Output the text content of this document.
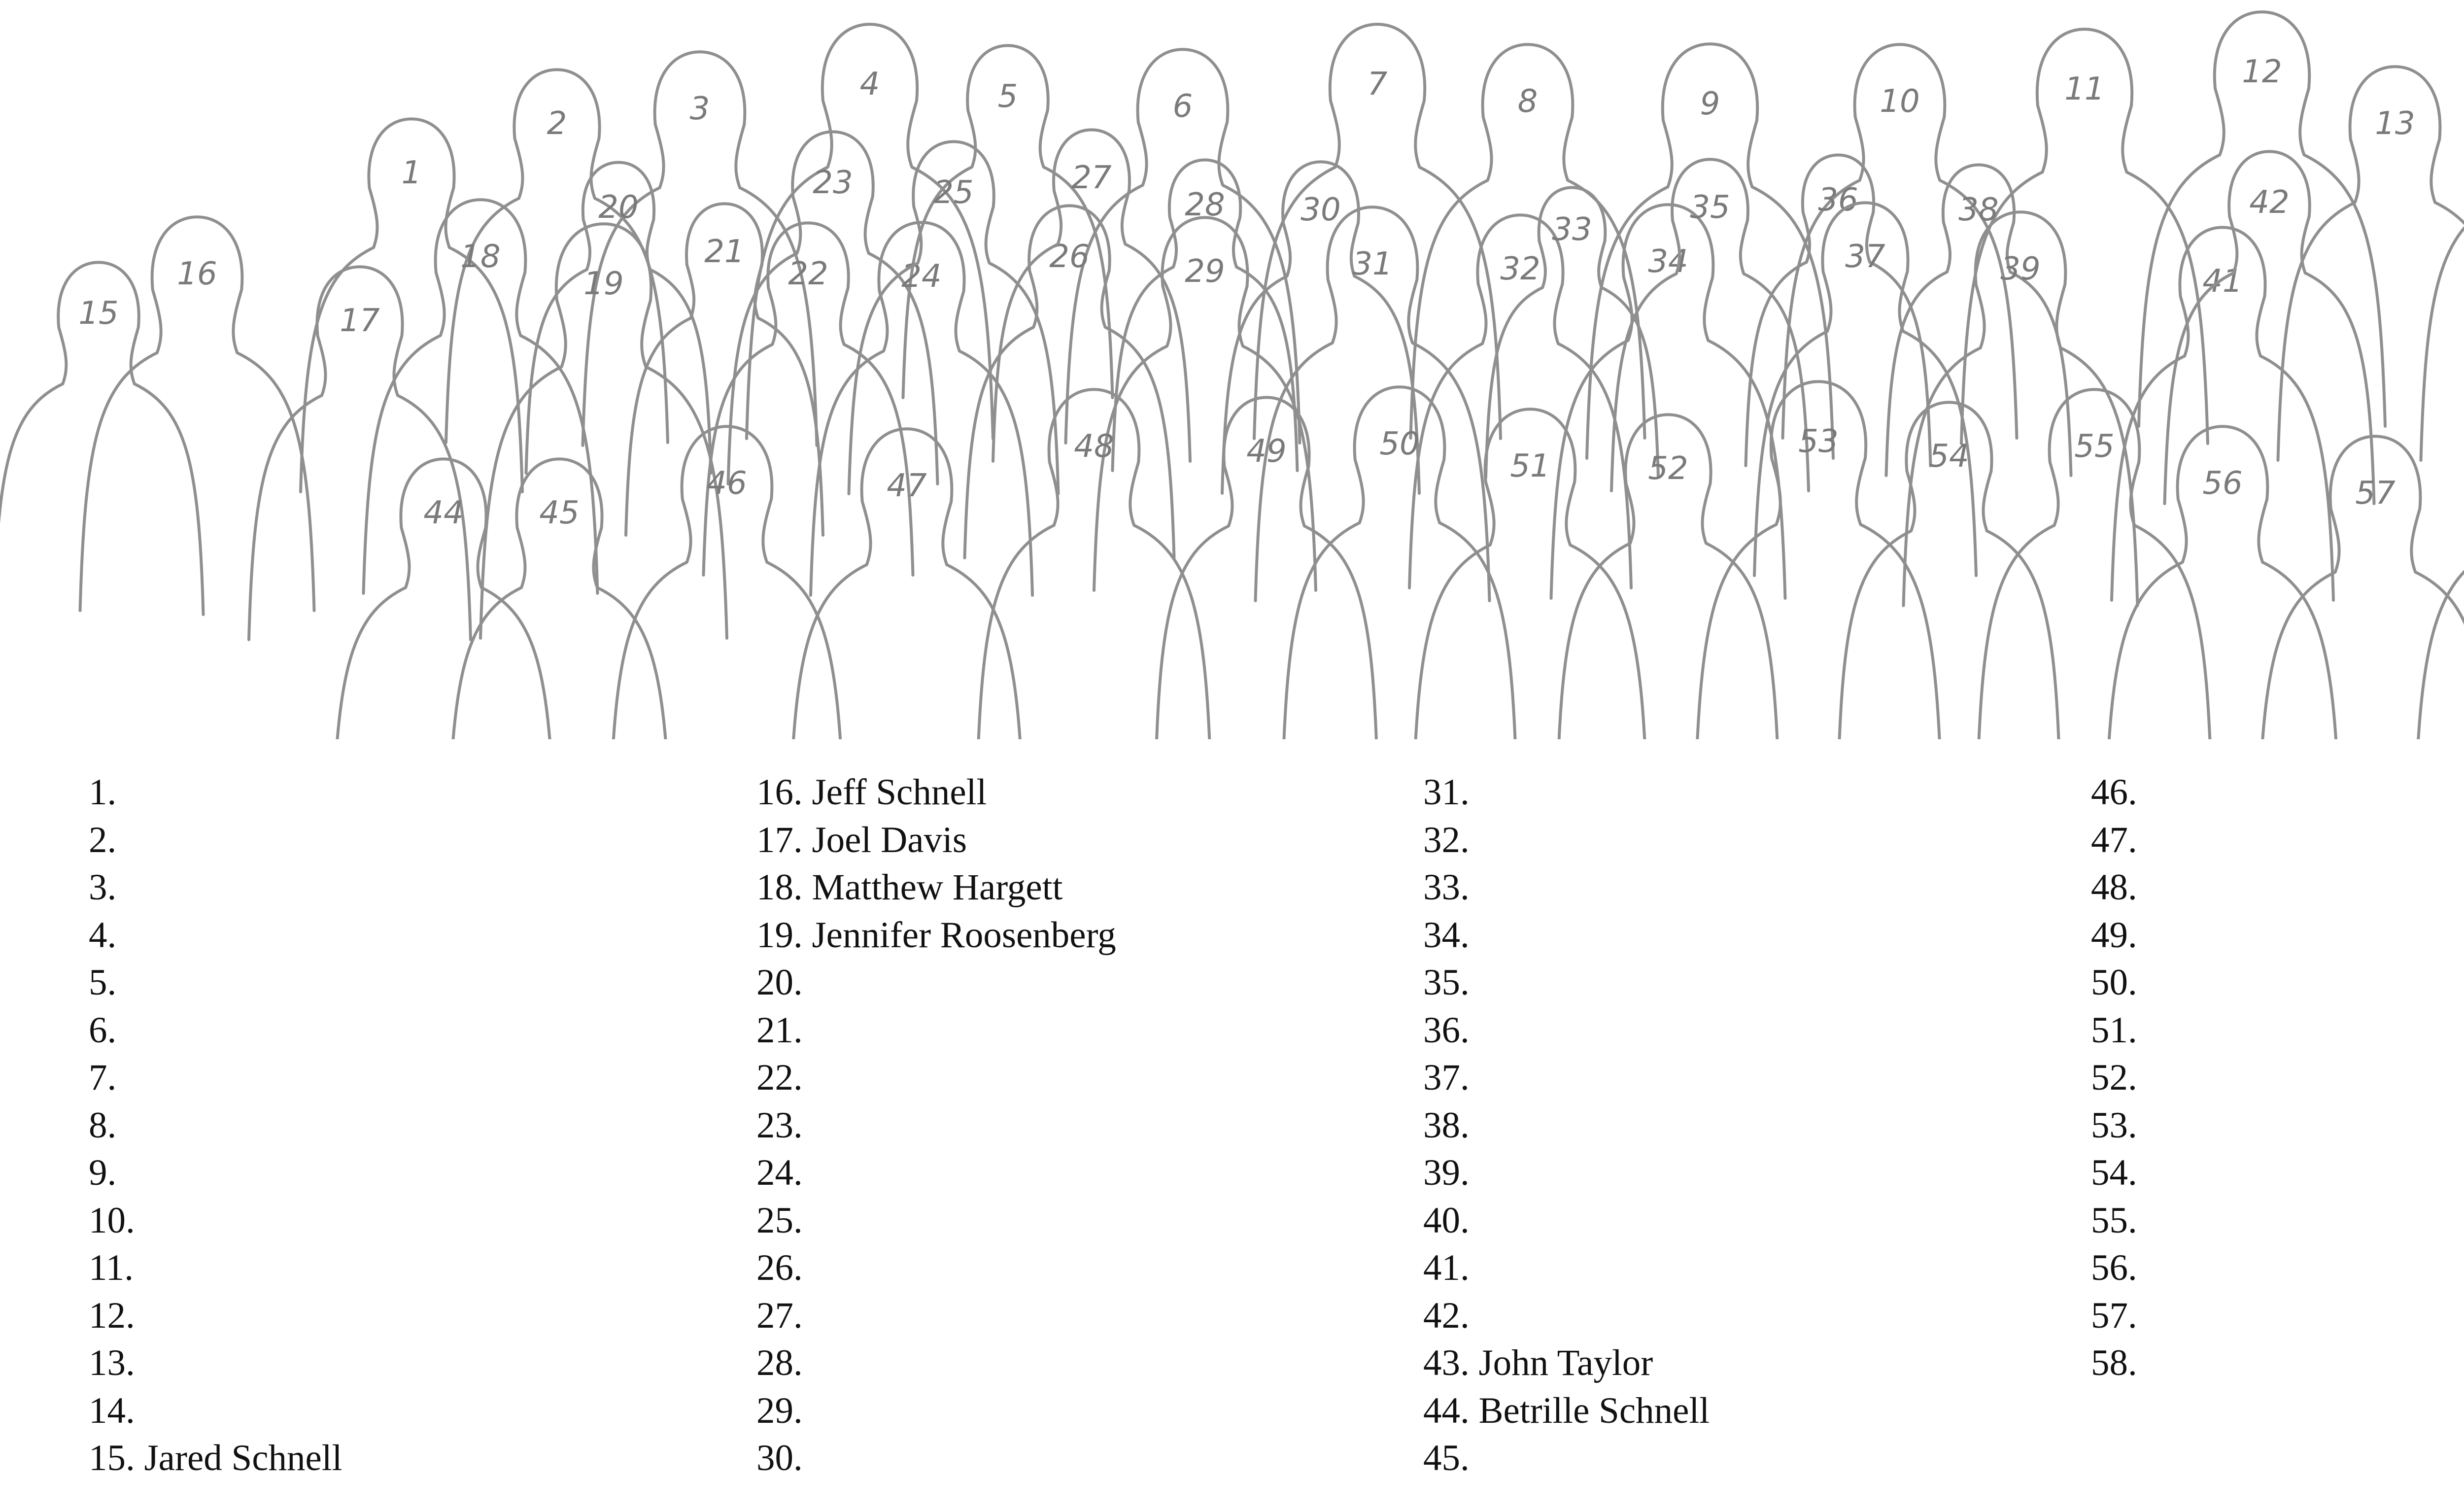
1
2	3
4	5	6
7	8	9	10	11	12
13
15
16
17
18
19
20
21
22
23
24
25
26
27
28
29
30
31	32
33
34
35	36
37
38
39	41
42
44 45
46	47
48	49	50
51	52
53	54	55
56	57
1.
2.
3.
4.
5.
6.
7.
8.
9.
10.
11.
12.
13.
14.
15. Jared Schnell
16. Jeff Schnell
17. Joel Davis
18. Matthew Hargett
19. Jennifer Roosenberg
20.
21.
22.
23.
24.
25.
26.
27.
28.
29.
30.
31.
32.
33.
34.
35.
36.
37.
38.
39.
40.
41.
42.
43. John Taylor
44. Betrille Schnell
45.
46.
47.
48.
49.
50.
51.
52.
53.
54.
55.
56.
57.
58.
